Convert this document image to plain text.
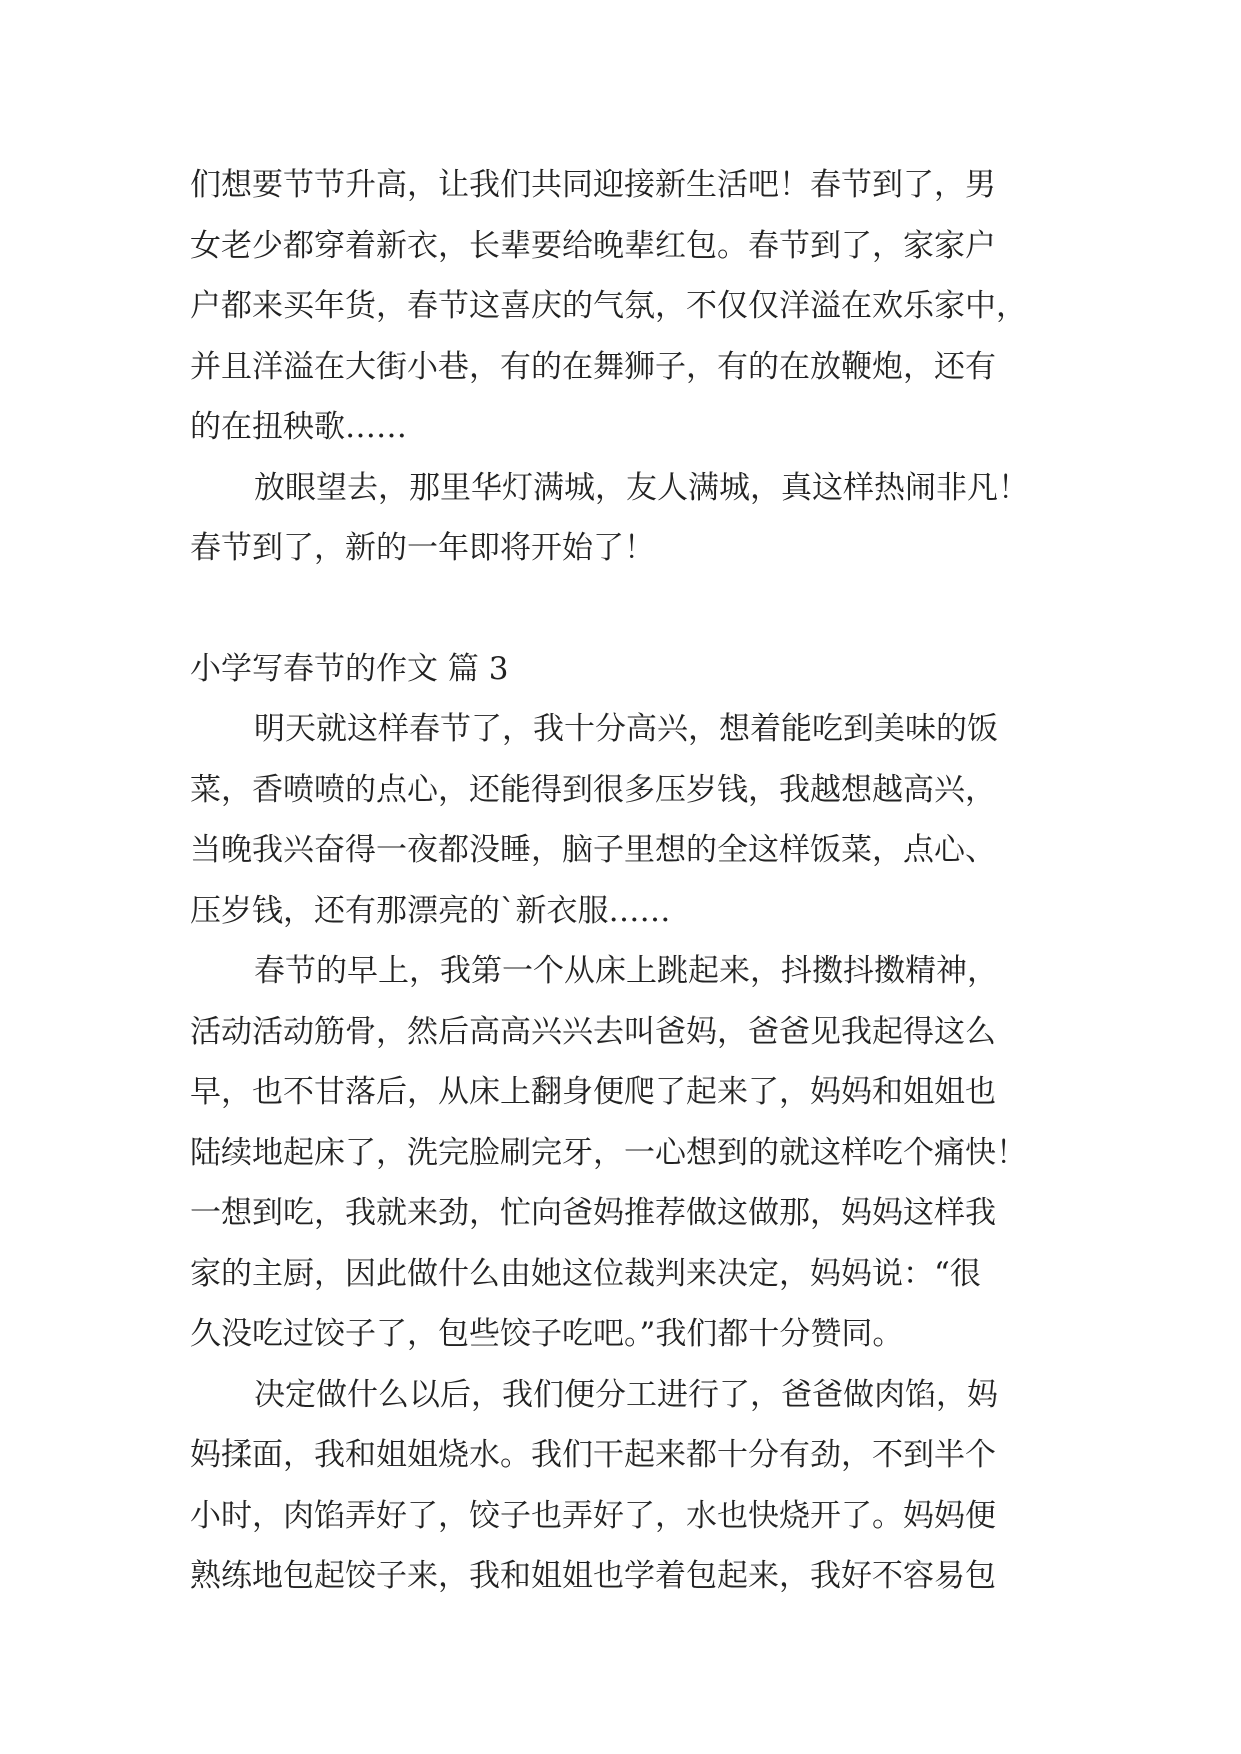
们想要节节升高，让我们共同迎接新生活吧！春节到了，男
女老少都穿着新衣，长辈要给晚辈红包。春节到了，家家户
户都来买年货，春节这喜庆的气氛，不仅仅洋溢在欢乐家中，
并且洋溢在大街小巷，有的在舞狮子，有的在放鞭炮，还有
的在扭秧歌……

放眼望去，那里华灯满城，友人满城，真这样热闹非凡！
春节到了，新的一年即将开始了！

小学写春节的作文 篇 3

明天就这样春节了，我十分高兴，想着能吃到美味的饭
菜，香喷喷的点心，还能得到很多压岁钱，我越想越高兴，
当晚我兴奋得一夜都没睡，脑子里想的全这样饭菜，点心、
压岁钱，还有那漂亮的`新衣服……

春节的早上，我第一个从床上跳起来，抖擞抖擞精神，
活动活动筋骨，然后高高兴兴去叫爸妈，爸爸见我起得这么
早，也不甘落后，从床上翻身便爬了起来了，妈妈和姐姐也
陆续地起床了，洗完脸刷完牙，一心想到的就这样吃个痛快！
一想到吃，我就来劲，忙向爸妈推荐做这做那，妈妈这样我
家的主厨，因此做什么由她这位裁判来决定，妈妈说：“很
久没吃过饺子了，包些饺子吃吧。”我们都十分赞同。

决定做什么以后，我们便分工进行了，爸爸做肉馅，妈
妈揉面，我和姐姐烧水。我们干起来都十分有劲，不到半个
小时，肉馅弄好了，饺子也弄好了，水也快烧开了。妈妈便
熟练地包起饺子来，我和姐姐也学着包起来，我好不容易包
